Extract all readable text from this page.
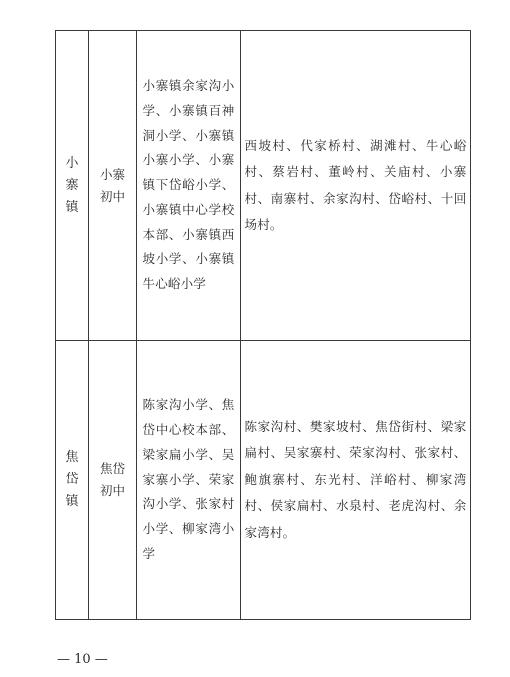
小寨镇	小寨初中	小寨镇余家沟小学、小寨镇百神洞小学、小寨镇小寨小学、小寨镇下岱峪小学、小寨镇中心学校本部、小寨镇西坡小学、小寨镇牛心峪小学	西坡村、代家桥村、湖滩村、牛心峪村、蔡岩村、董岭村、关庙村、小寨村、南寨村、余家沟村、岱峪村、十回场村。

焦岱镇	焦岱初中	陈家沟小学、焦岱中心校本部、梁家扁小学、吴家寨小学、荣家沟小学、张家村小学、柳家湾小学	陈家沟村、樊家坡村、焦岱街村、梁家扁村、吴家寨村、荣家沟村、张家村、鲍旗寨村、东光村、洋峪村、柳家湾村、侯家扁村、水泉村、老虎沟村、余家湾村。
— 10 —
